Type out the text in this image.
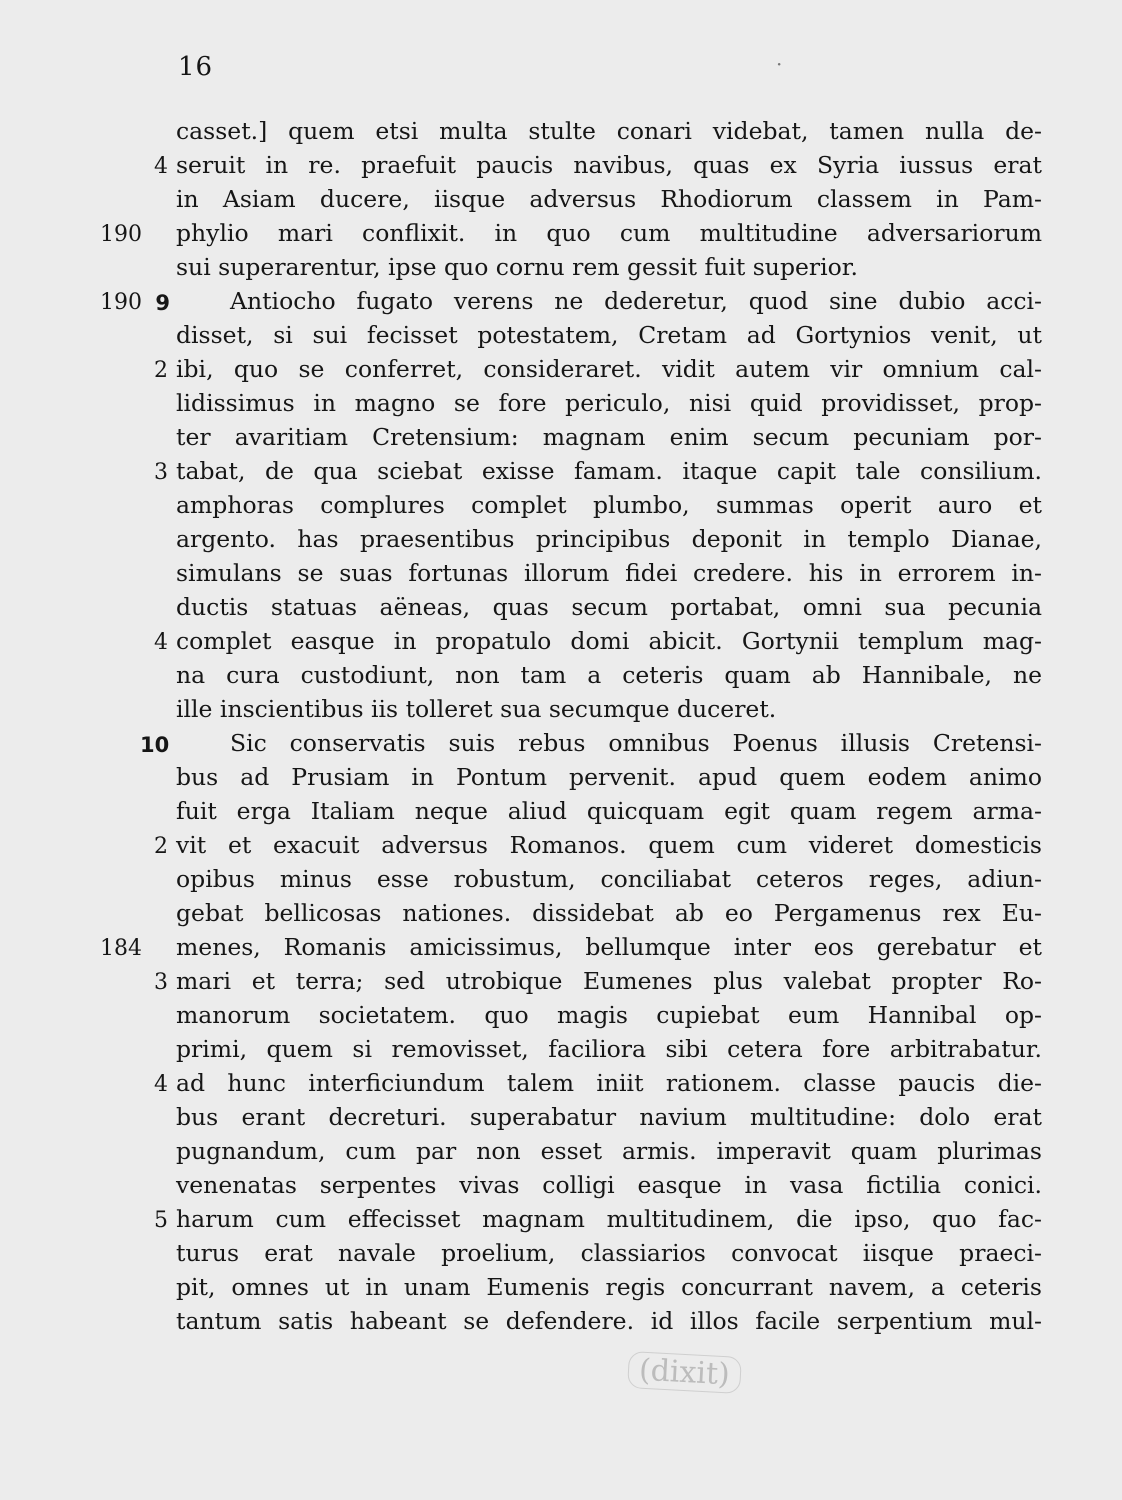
16	·
casset.] quem etsi multa stulte conari videbat, tamen nulla de-
4 seruit in re. praefuit paucis navibus, quas ex Syria iussus erat
in Asiam ducere, iisque adversus Rhodiorum classem in Pam-
190	phylio mari conflixit. in quo cum multitudine adversariorum
sui superarentur, ipse quo cornu rem gessit fuit superior.
190 9	Antiocho fugato verens ne dederetur, quod sine dubio acci-
disset, si sui fecisset potestatem, Cretam ad Gortynios venit, ut
2 ibi, quo se conferret, consideraret. vidit autem vir omnium cal-
lidissimus in magno se fore periculo, nisi quid providisset, prop-
ter avaritiam Cretensium: magnam enim secum pecuniam por-
3 tabat, de qua sciebat exisse famam. itaque capit tale consilium.
amphoras complures complet plumbo, summas operit auro et
argento. has praesentibus principibus deponit in templo Dianae,
simulans se suas fortunas illorum fidei credere. his in errorem in-
ductis statuas aëneas, quas secum portabat, omni sua pecunia
4 complet easque in propatulo domi abicit. Gortynii templum mag-
na cura custodiunt, non tam a ceteris quam ab Hannibale, ne
ille inscientibus iis tolleret sua secumque duceret.
10	Sic conservatis suis rebus omnibus Poenus illusis Cretensi-
bus ad Prusiam in Pontum pervenit. apud quem eodem animo
fuit erga Italiam neque aliud quicquam egit quam regem arma-
2 vit et exacuit adversus Romanos. quem cum videret domesticis
opibus minus esse robustum, conciliabat ceteros reges, adiun-
gebat bellicosas nationes. dissidebat ab eo Pergamenus rex Eu-
184	menes, Romanis amicissimus, bellumque inter eos gerebatur et
3 mari et terra; sed utrobique Eumenes plus valebat propter Ro-
manorum societatem. quo magis cupiebat eum Hannibal op-
primi, quem si removisset, faciliora sibi cetera fore arbitrabatur.
4 ad hunc interficiundum talem iniit rationem. classe paucis die-
bus erant decreturi. superabatur navium multitudine: dolo erat
pugnandum, cum par non esset armis. imperavit quam plurimas
venenatas serpentes vivas colligi easque in vasa fictilia conici.
5 harum cum effecisset magnam multitudinem, die ipso, quo fac-
turus erat navale proelium, classiarios convocat iisque praeci-
pit, omnes ut in unam Eumenis regis concurrant navem, a ceteris
tantum satis habeant se defendere. id illos facile serpentium mul-
(dixit)
